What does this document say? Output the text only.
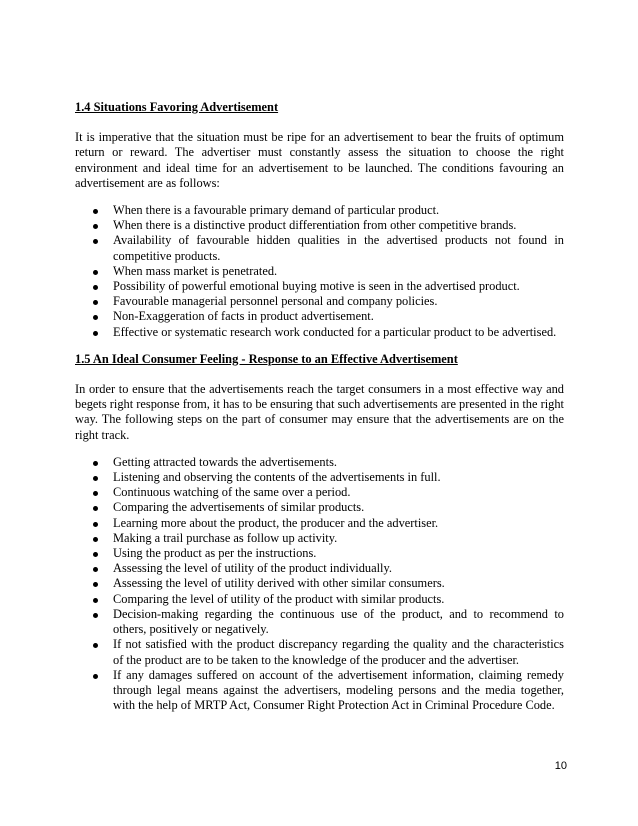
1.4 Situations Favoring Advertisement

It is imperative that the situation must be ripe for an advertisement to bear the fruits of optimum return or reward. The advertiser must constantly assess the situation to choose the right environment and ideal time for an advertisement to be launched. The conditions favouring an advertisement are as follows:

When there is a favourable primary demand of particular product.
When there is a distinctive product differentiation from other competitive brands.
Availability of favourable hidden qualities in the advertised products not found in competitive products.
When mass market is penetrated.
Possibility of powerful emotional buying motive is seen in the advertised product.
Favourable managerial personnel personal and company policies.
Non-Exaggeration of facts in product advertisement.
Effective or systematic research work conducted for a particular product to be advertised.

1.5 An Ideal Consumer Feeling - Response to an Effective Advertisement

In order to ensure that the advertisements reach the target consumers in a most effective way and begets right response from, it has to be ensuring that such advertisements are presented in the right way. The following steps on the part of consumer may ensure that the advertisements are on the right track.

Getting attracted towards the advertisements.
Listening and observing the contents of the advertisements in full.
Continuous watching of the same over a period.
Comparing the advertisements of similar products.
Learning more about the product, the producer and the advertiser.
Making a trail purchase as follow up activity.
Using the product as per the instructions.
Assessing the level of utility of the product individually.
Assessing the level of utility derived with other similar consumers.
Comparing the level of utility of the product with similar products.
Decision-making regarding the continuous use of the product, and to recommend to others, positively or negatively.
If not satisfied with the product discrepancy regarding the quality and the characteristics of the product are to be taken to the knowledge of the producer and the advertiser.
If any damages suffered on account of the advertisement information, claiming remedy through legal means against the advertisers, modeling persons and the media together, with the help of MRTP Act, Consumer Right Protection Act in Criminal Procedure Code.
10
